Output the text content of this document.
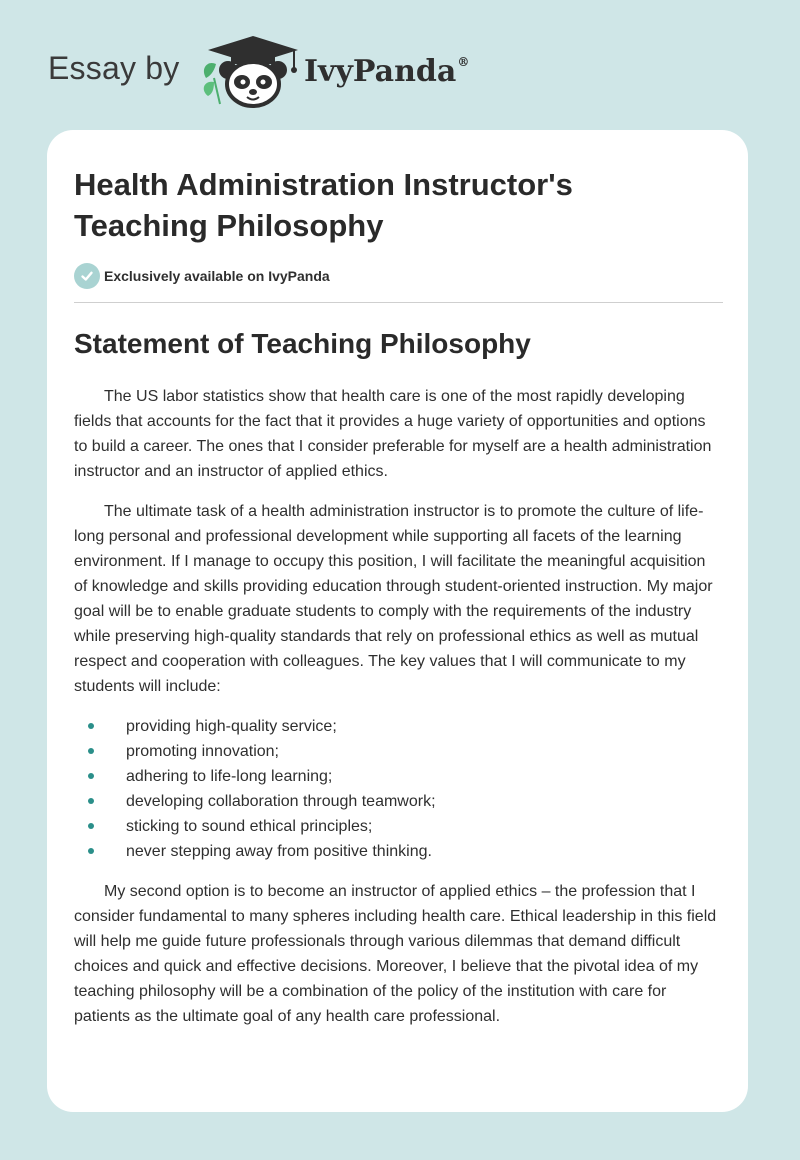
Essay by	IvyPanda®
Health Administration Instructor's Teaching Philosophy
Exclusively available on IvyPanda
Statement of Teaching Philosophy

The US labor statistics show that health care is one of the most rapidly developing fields that accounts for the fact that it provides a huge variety of opportunities and options to build a career. The ones that I consider preferable for myself are a health administration instructor and an instructor of applied ethics.

The ultimate task of a health administration instructor is to promote the culture of life-long personal and professional development while supporting all facets of the learning environment. If I manage to occupy this position, I will facilitate the meaningful acquisition of knowledge and skills providing education through student-oriented instruction. My major goal will be to enable graduate students to comply with the requirements of the industry while preserving high-quality standards that rely on professional ethics as well as mutual respect and cooperation with colleagues. The key values that I will communicate to my students will include:

providing high-quality service;
promoting innovation;
adhering to life-long learning;
developing collaboration through teamwork;
sticking to sound ethical principles;
never stepping away from positive thinking.

My second option is to become an instructor of applied ethics – the profession that I consider fundamental to many spheres including health care. Ethical leadership in this field will help me guide future professionals through various dilemmas that demand difficult choices and quick and effective decisions. Moreover, I believe that the pivotal idea of my teaching philosophy will be a combination of the policy of the institution with care for patients as the ultimate goal of any health care professional.
